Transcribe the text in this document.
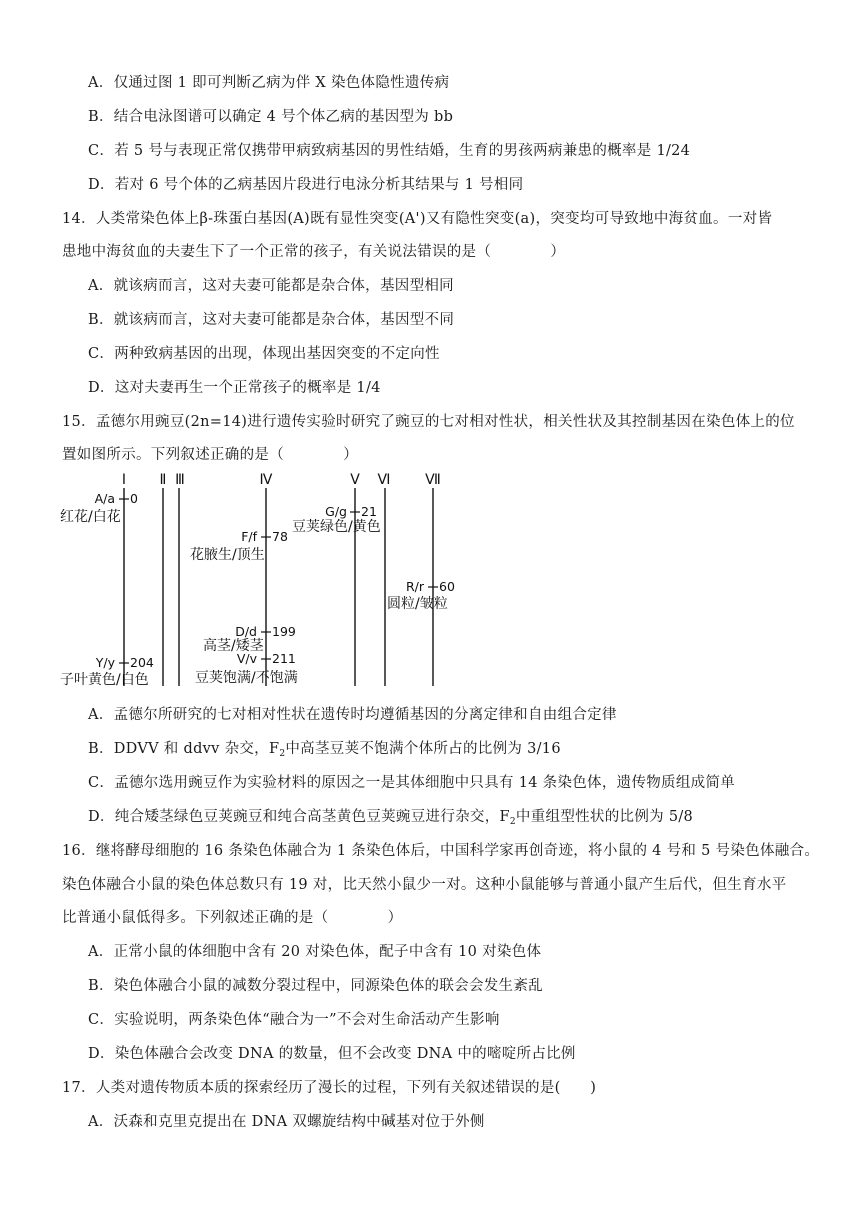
A．仅通过图 1 即可判断乙病为伴 X 染色体隐性遗传病
B．结合电泳图谱可以确定 4 号个体乙病的基因型为 bb
C．若 5 号与表现正常仅携带甲病致病基因的男性结婚，生育的男孩两病兼患的概率是 1/24
D．若对 6 号个体的乙病基因片段进行电泳分析其结果与 1 号相同
14．人类常染色体上β-珠蛋白基因(A)既有显性突变(A')又有隐性突变(a)，突变均可导致地中海贫血。一对皆
患地中海贫血的夫妻生下了一个正常的孩子，有关说法错误的是（　　　　）
A．就该病而言，这对夫妻可能都是杂合体，基因型相同
B．就该病而言，这对夫妻可能都是杂合体，基因型不同
C．两种致病基因的出现，体现出基因突变的不定向性
D．这对夫妻再生一个正常孩子的概率是 1/4
15．孟德尔用豌豆(2n=14)进行遗传实验时研究了豌豆的七对相对性状，相关性状及其控制基因在染色体上的位
置如图所示。下列叙述正确的是（　　　　）
Ⅰ Ⅱ Ⅲ	Ⅳ	Ⅴ Ⅵ Ⅶ
A/a 0
红花/白花
Y/y 204
子叶黄色/白色
F/f 78
花腋生/顶生
D/d 199
高茎/矮茎
V/v 211
豆荚饱满/不饱满
G/g 21
豆荚绿色/黄色
R/r 60
圆粒/皱粒
A．孟德尔所研究的七对相对性状在遗传时均遵循基因的分离定律和自由组合定律
B．DDVV 和 ddvv 杂交，$F_2$中高茎豆荚不饱满个体所占的比例为 3/16
C．孟德尔选用豌豆作为实验材料的原因之一是其体细胞中只具有 14 条染色体，遗传物质组成简单
D．纯合矮茎绿色豆荚豌豆和纯合高茎黄色豆荚豌豆进行杂交，$F_2$中重组型性状的比例为 5/8
16．继将酵母细胞的 16 条染色体融合为 1 条染色体后，中国科学家再创奇迹，将小鼠的 4 号和 5 号染色体融合。
染色体融合小鼠的染色体总数只有 19 对，比天然小鼠少一对。这种小鼠能够与普通小鼠产生后代，但生育水平
比普通小鼠低得多。下列叙述正确的是（　　　　）
A．正常小鼠的体细胞中含有 20 对染色体，配子中含有 10 对染色体
B．染色体融合小鼠的减数分裂过程中，同源染色体的联会会发生紊乱
C．实验说明，两条染色体“融合为一”不会对生命活动产生影响
D．染色体融合会改变 DNA 的数量，但不会改变 DNA 中的嘧啶所占比例
17．人类对遗传物质本质的探索经历了漫长的过程，下列有关叙述错误的是(　　)
A．沃森和克里克提出在 DNA 双螺旋结构中碱基对位于外侧
